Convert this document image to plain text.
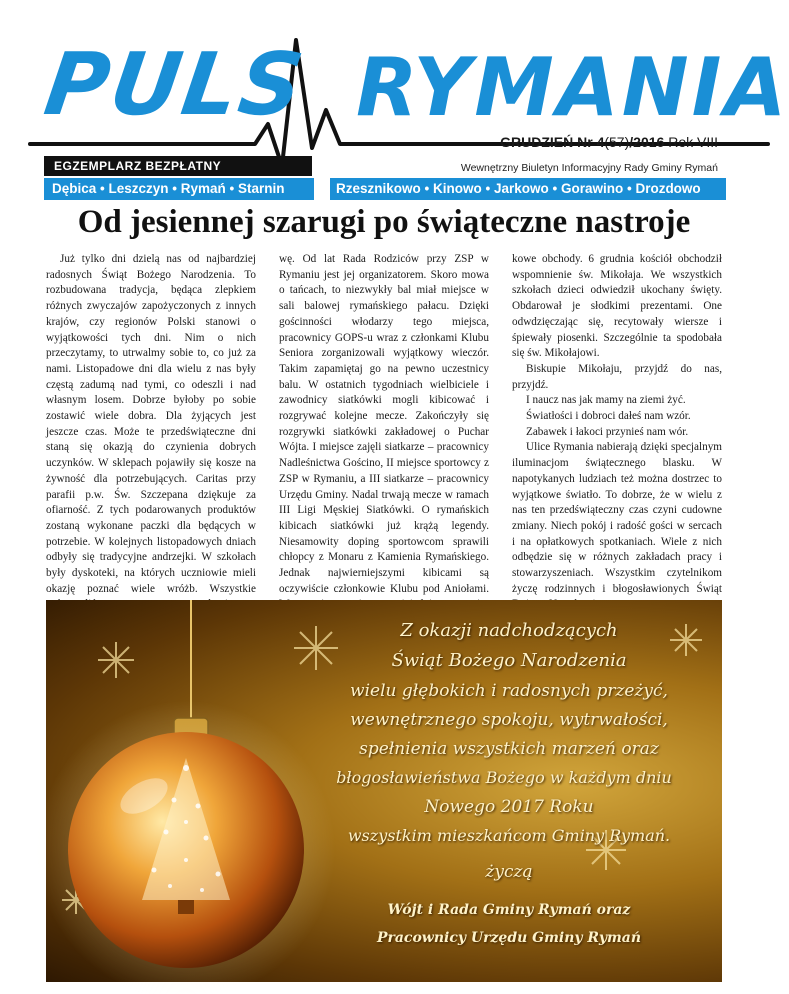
PULS RYMANIA
GRUDZIEŃ Nr 4(57)/2016 Rok VIII
EGZEMPLARZ BEZPŁATNY	Wewnętrzny Biuletyn Informacyjny Rady Gminy Rymań
Dębica • Leszczyn • Rymań • Starnin	Rzesznikowo • Kinowo • Jarkowo • Gorawino • Drozdowo
Od jesiennej szarugi po świąteczne nastroje

Już tylko dni dzielą nas od najbardziej radosnych Świąt Bożego Narodzenia. To rozbudowana tradycja, będąca zlepkiem różnych zwyczajów zapożyczonych z innych krajów, czy regionów Polski stanowi o wyjątkowości tych dni. Nim o nich przeczytamy, to utrwalmy sobie to, co już za nami. Listopadowe dni dla wielu z nas były częstą zadumą nad tymi, co odeszli i nad własnym losem. Dobrze byłoby po sobie zostawić wiele dobra. Dla żyjących jest jeszcze czas. Może te przedświąteczne dni staną się okazją do czynienia dobrych uczynków. W sklepach pojawiły się kosze na żywność dla potrzebujących. Caritas przy parafii p.w. Św. Szczepana dziękuje za ofiarność. Z tych podarowanych produktów zostaną wykonane paczki dla będących w potrzebie. W kolejnych listopadowych dniach odbyły się tradycyjne andrzejki. W szkołach były dyskoteki, na których uczniowie mieli okazję poznać wiele wróżb. Wszystkie

wę. Od lat Rada Rodziców przy ZSP w Rymaniu jest jej organizatorem. Skoro mowa o tańcach, to niezwykły bal miał miejsce w sali balowej rymańskiego pałacu. Dzięki gościnności włodarzy tego miejsca, pracownicy GOPS-u wraz z członkami Klubu Seniora zorganizowali wyjątkowy wieczór. Takim zapamiętaj go na pewno uczestnicy balu. W ostatnich tygodniach wielbiciele i zawodnicy siatkówki mogli kibicować i rozgrywać kolejne mecze. Zakończyły się rozgrywki siatkówki zakładowej o Puchar Wójta. I miejsce zajęli siatkarze – pracownicy Nadleśnictwa Gościno, II miejsce sportowcy z ZSP w Rymaniu, a III siatkarze – pracownicy Urzędu Gminy. Nadal trwają mecze w ramach III Ligi Męskiej Siatkówki. O rymańskich kibicach siatkówki już krążą legendy. Niesamowity doping sportowcom sprawili chłopcy z Monaru z Kamienia Rymańskiego. Jednak najwierniejszymi kibicami są oczywiście członkowie Klubu pod Aniołami.

kowe obchody. 6 grudnia kościół obchodził wspomnienie św. Mikołaja. We wszystkich szkołach dzieci odwiedził ukochany święty. Obdarował je słodkimi prezentami. One odwdzięczając się, recytowały wiersze i śpiewały piosenki. Szczególnie ta spodobała się św. Mikołajowi.

Biskupie Mikołaju, przyjdź do nas, przyjdź.

I naucz nas jak mamy na ziemi żyć.

Światłości i dobroci dałeś nam wzór.

Zabawek i łakoci przynieś nam wór.

Ulice Rymania nabierają dzięki specjalnym iluminacjom świątecznego blasku. W napotykanych ludziach też można dostrzec to wyjątkowe światło. To dobrze, że w wielu z nas ten przedświąteczny czas czyni cudowne zmiany. Niech pokój i radość gości w sercach i na opłatkowych spotkaniach. Wiele z nich odbędzie się w różnych zakładach pracy i stowarzyszeniach. Wszystkim czytelnikom życzę rodzinnych i błogosławionych Świąt

Z okazji nadchodzących
Świąt Bożego Narodzenia
wielu głębokich i radosnych przeżyć,
wewnętrznego spokoju, wytrwałości,
spełnienia wszystkich marzeń oraz
błogosławieństwa Bożego w każdym dniu
Nowego 2017 Roku
wszystkim mieszkańcom Gminy Rymań.
życzą
Wójt i Rada Gminy Rymań oraz
Pracownicy Urzędu Gminy Rymań
